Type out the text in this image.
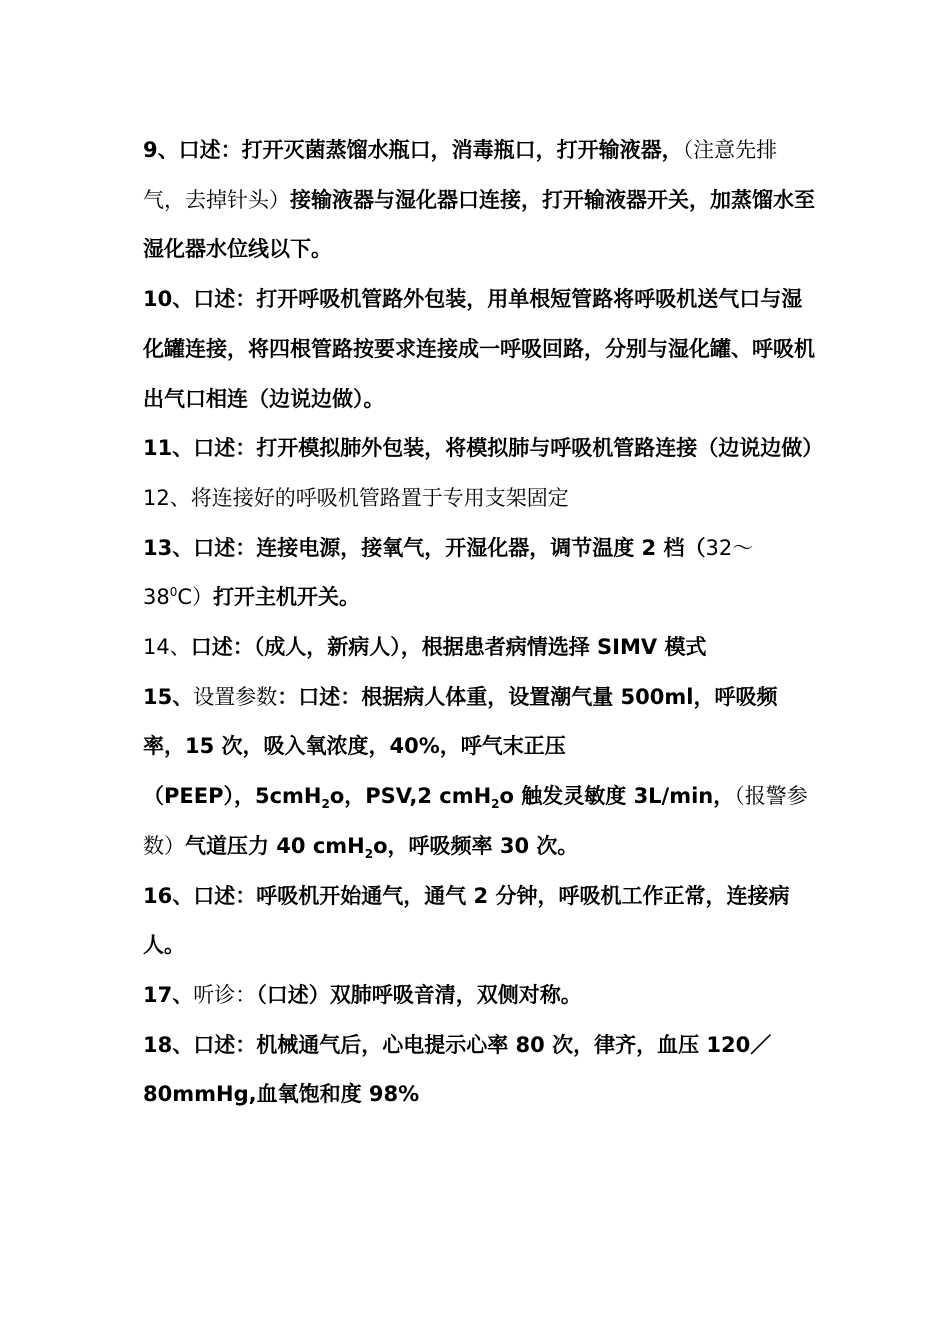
9、口述：打开灭菌蒸馏水瓶口，消毒瓶口，打开输液器，（注意先排气，去掉针头）接输液器与湿化器口连接，打开输液器开关，加蒸馏水至湿化器水位线以下。

10、口述：打开呼吸机管路外包装，用单根短管路将呼吸机送气口与湿化罐连接，将四根管路按要求连接成一呼吸回路，分别与湿化罐、呼吸机出气口相连（边说边做）。

11、口述：打开模拟肺外包装，将模拟肺与呼吸机管路连接（边说边做）

12、将连接好的呼吸机管路置于专用支架固定

13、口述：连接电源，接氧气，开湿化器，调节温度 2 档$(32\sim 38^0C)$打开主机开关。

14、口述：（成人，新病人），根据患者病情选择 SIMV 模式

15、设置参数：口述：根据病人体重，设置潮气量 500ml，呼吸频率，15 次，吸入氧浓度，40%，呼气末正压

（PEEP），5cmH$_2$o，PSV,2 cmH$_2$o 触发灵敏度 3L/min，（报警参数）气道压力 40 cmH$_2$o，呼吸频率 30 次。

16、口述：呼吸机开始通气，通气 2 分钟，呼吸机工作正常，连接病人。

17、听诊：（口述）双肺呼吸音清，双侧对称。

18、口述：机械通气后，心电提示心率 80 次，律齐，血压 120／80mmHg,血氧饱和度 98%
